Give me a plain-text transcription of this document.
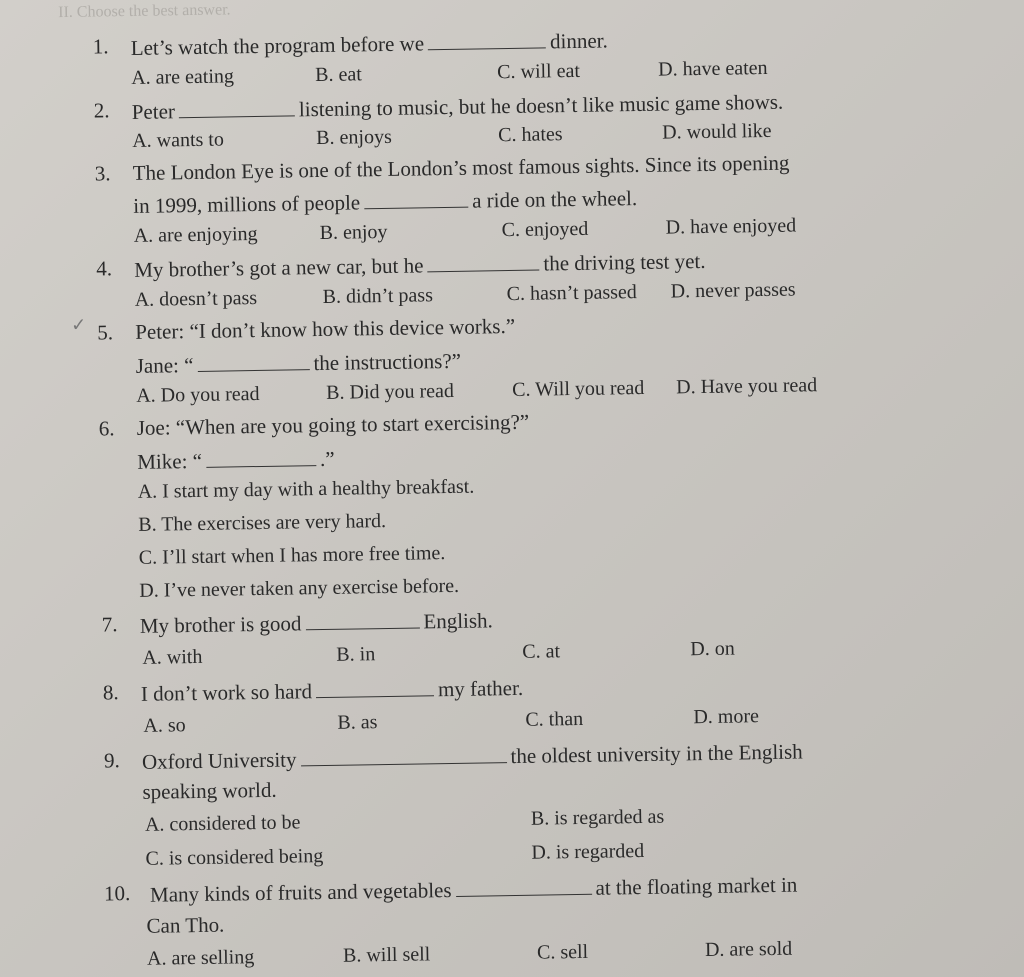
II. Choose the best answer.
1. Let’s watch the program before we	dinner.
A. are eating	B. eat	C. will eat	D. have eaten
2. Peter	listening to music, but he doesn’t like music game shows.
A. wants to	B. enjoys	C. hates	D. would like
3. The London Eye is one of the London’s most famous sights. Since its opening
in 1999, millions of people	a ride on the wheel.
A. are enjoying	B. enjoy	C. enjoyed	D. have enjoyed
4. My brother’s got a new car, but he	the driving test yet.
A. doesn’t pass	B. didn’t pass	C. hasn’t passed D. never passes
✓ 5. Peter: “I don’t know how this device works.”
Jane: “	the instructions?”
A. Do you read	B. Did you read	C. Will you read D. Have you read
6. Joe: “When are you going to start exercising?”
Mike: “	.”
A. I start my day with a healthy breakfast.
B. The exercises are very hard.
C. I’ll start when I has more free time.
D. I’ve never taken any exercise before.
7. My brother is good	English.
A. with	B. in	C. at	D. on
8. I don’t work so hard	my father.
A. so	B. as	C. than	D. more
9. Oxford University	the oldest university in the English
speaking world.
A. considered to be	B. is regarded as
C. is considered being	D. is regarded
10. Many kinds of fruits and vegetables	at the floating market in
Can Tho.
A. are selling	B. will sell	C. sell	D. are sold
